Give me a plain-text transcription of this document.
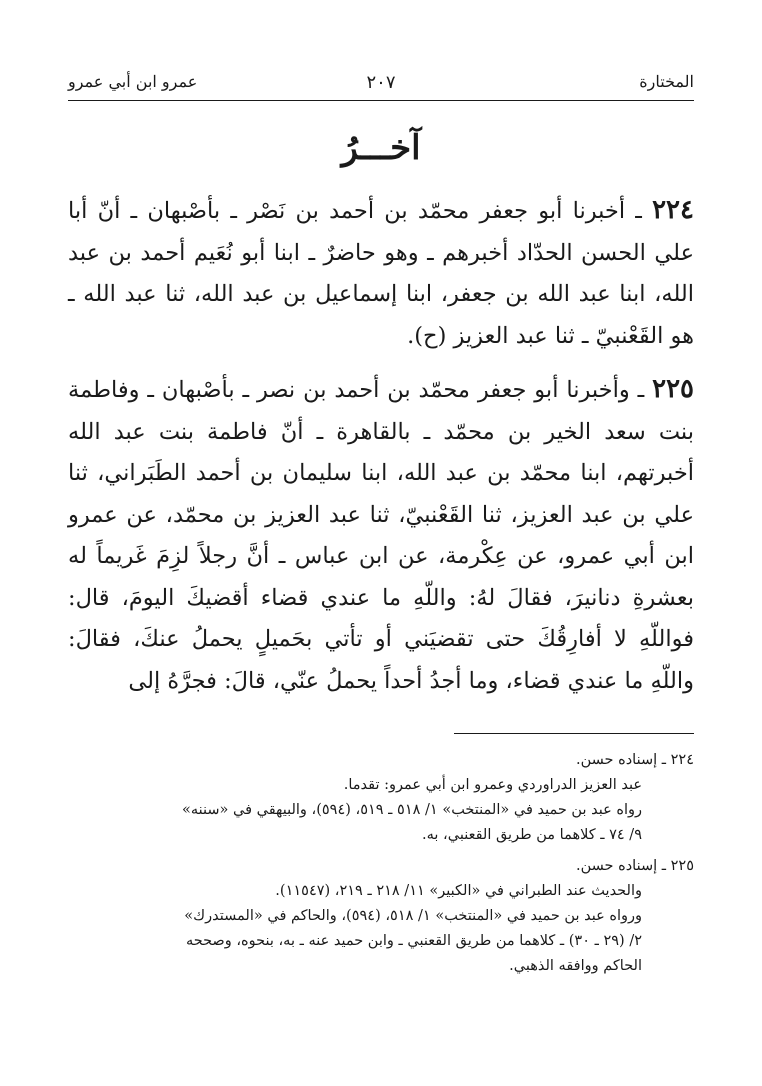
المختارة
٢٠٧
عمرو ابن أبي عمرو
آخـــرُ

٢٢٤ ـ أخبرنا أبو جعفر محمّد بن أحمد بن نَصْر ـ بأصْبهان ـ أنّ أبا علي الحسن الحدّاد أخبرهم ـ وهو حاضرٌ ـ ابنا أبو نُعَيم أحمد بن عبد الله، ابنا عبد الله بن جعفر، ابنا إسماعيل بن عبد الله، ثنا عبد الله ـ هو القَعْنبيّ ـ ثنا عبد العزيز (ح).

٢٢٥ ـ وأخبرنا أبو جعفر محمّد بن أحمد بن نصر ـ بأصْبهان ـ وفاطمة بنت سعد الخير بن محمّد ـ بالقاهرة ـ أنّ فاطمة بنت عبد الله أخبرتهم، ابنا محمّد بن عبد الله، ابنا سليمان بن أحمد الطَبَراني، ثنا علي بن عبد العزيز، ثنا القَعْنبيّ، ثنا عبد العزيز بن محمّد، عن عمرو ابن أبي عمرو، عن عِكْرمة، عن ابن عباس ـ أنَّ رجلاً لزِمَ غَريماً له بعشرةِ دنانيرَ، فقالَ لهُ: واللّهِ ما عندي قضاء أقضيكَ اليومَ، قال: فواللّهِ لا أفارِقُكَ حتى تقضيَني أو تأتي بحَميلٍ يحملُ عنكَ، فقالَ: واللّهِ ما عندي قضاء، وما أجدُ أحداً يحملُ عنّي، قالَ: فجرَّهُ إلى

٢٢٤ ـ إسناده حسن.
عبد العزيز الدراوردي وعمرو ابن أبي عمرو: تقدما.
رواه عبد بن حميد في «المنتخب» ١/ ٥١٨ ـ ٥١٩، (٥٩٤)، والبيهقي في «سننه»
٩/ ٧٤ ـ كلاهما من طريق القعنبي، به.
٢٢٥ ـ إسناده حسن.
والحديث عند الطبراني في «الكبير» ١١/ ٢١٨ ـ ٢١٩، (١١٥٤٧).
ورواه عبد بن حميد في «المنتخب» ١/ ٥١٨، (٥٩٤)، والحاكم في «المستدرك»
٢/ (٢٩ ـ ٣٠) ـ كلاهما من طريق القعنبي ـ وابن حميد عنه ـ به، بنحوه، وصححه
الحاكم ووافقه الذهبي.
